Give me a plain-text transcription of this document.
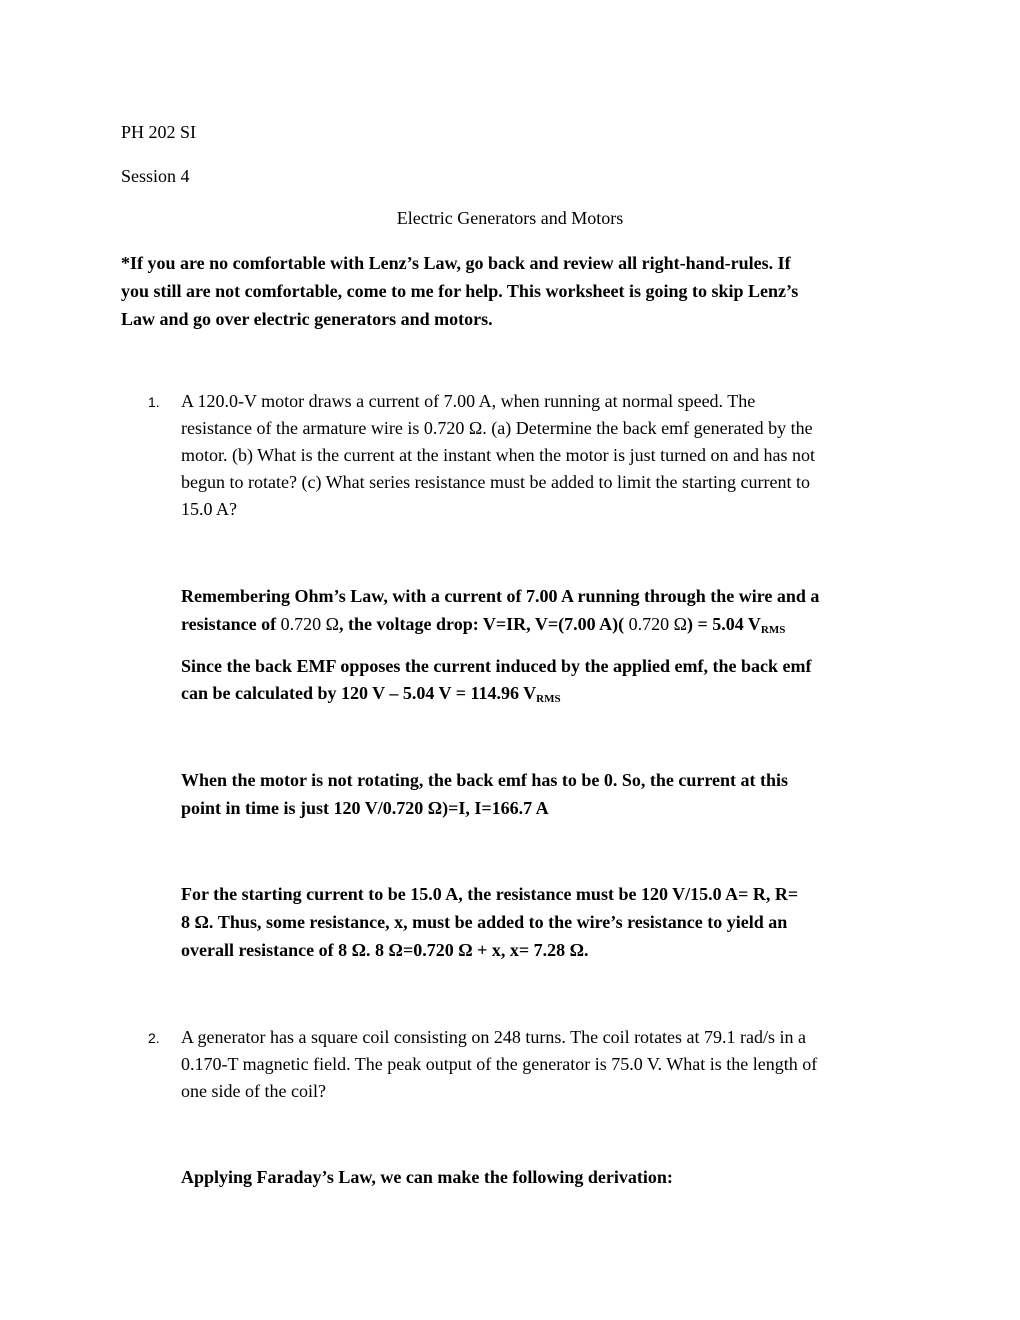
PH 202 SI
Session 4
Electric Generators and Motors
*If you are no comfortable with Lenz’s Law, go back and review all right-hand-rules. If
you still are not comfortable, come to me for help. This worksheet is going to skip Lenz’s
Law and go over electric generators and motors.
1. A 120.0-V motor draws a current of 7.00 A, when running at normal speed. The
resistance of the armature wire is 0.720 Ω. (a) Determine the back emf generated by the
motor. (b) What is the current at the instant when the motor is just turned on and has not
begun to rotate? (c) What series resistance must be added to limit the starting current to
15.0 A?
Remembering Ohm’s Law, with a current of 7.00 A running through the wire and a
resistance of 0.720 Ω, the voltage drop: V=IR, V=(7.00 A)( 0.720 Ω) = 5.04 $V_{RMS}$
Since the back EMF opposes the current induced by the applied emf, the back emf
can be calculated by 120 V – 5.04 V = 114.96 $V_{RMS}$
When the motor is not rotating, the back emf has to be 0. So, the current at this
point in time is just 120 V/0.720 Ω)=I, I=166.7 A
For the starting current to be 15.0 A, the resistance must be 120 V/15.0 A= R, R=
8 Ω. Thus, some resistance, x, must be added to the wire’s resistance to yield an
overall resistance of 8 Ω. 8 Ω=0.720 Ω + x, x= 7.28 Ω.
2. A generator has a square coil consisting on 248 turns. The coil rotates at 79.1 rad/s in a
0.170-T magnetic field. The peak output of the generator is 75.0 V. What is the length of
one side of the coil?
Applying Faraday’s Law, we can make the following derivation:
